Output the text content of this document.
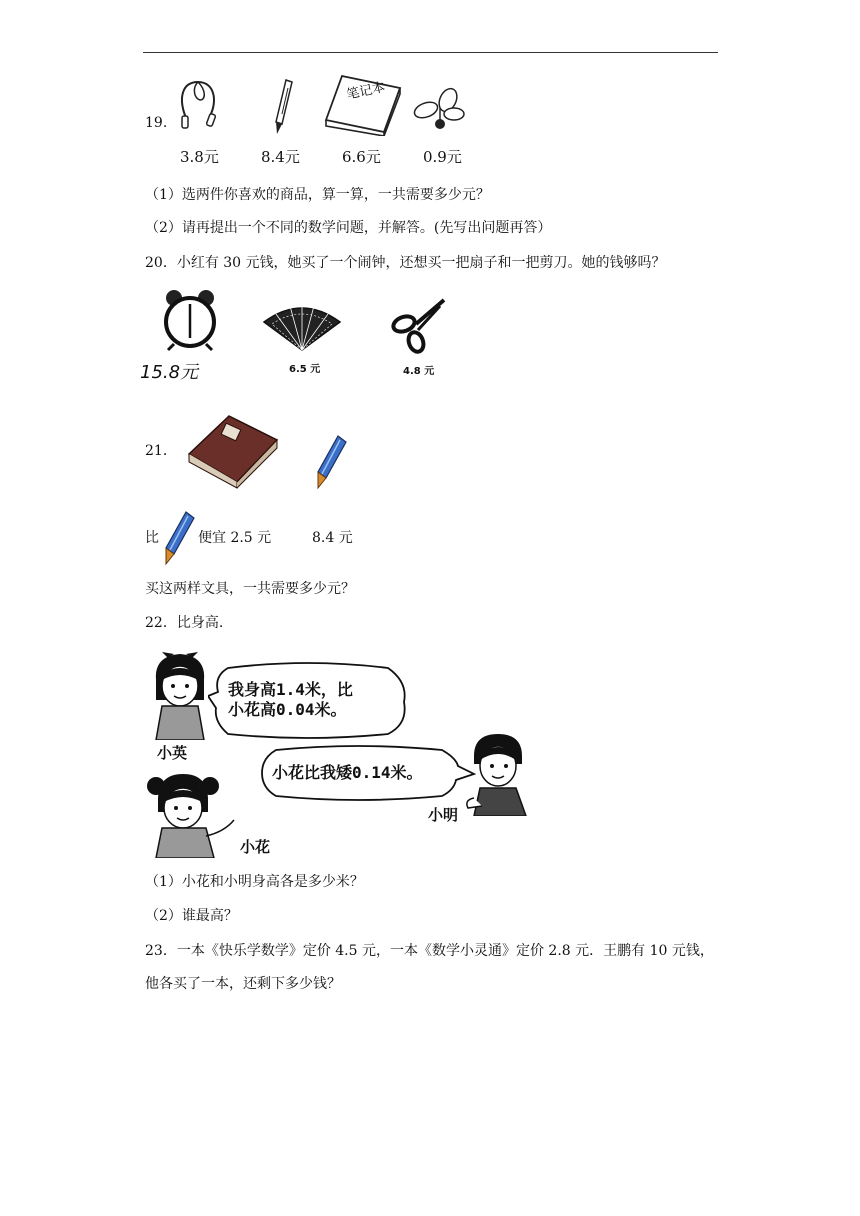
19.
笔记本
3.8元	8.4元	6.6元	0.9元
（1）选两件你喜欢的商品，算一算，一共需要多少元？
（2）请再提出一个不同的数学问题，并解答。(先写出问题再答）
20．小红有 30 元钱，她买了一个闹钟，还想买一把扇子和一把剪刀。她的钱够吗？
15.8元	6.5 元	4.8 元
21．
比	便宜 2.5 元	8.4 元
买这两样文具，一共需要多少元？
22．比身高.
小英
我身高1.4米，比
小花高0.04米。
小明
小花比我矮0.14米。
小花
（1）小花和小明身高各是多少米？
（2）谁最高？
23．一本《快乐学数学》定价 4.5 元，一本《数学小灵通》定价 2.8 元．王鹏有 10 元钱，
他各买了一本，还剩下多少钱？
